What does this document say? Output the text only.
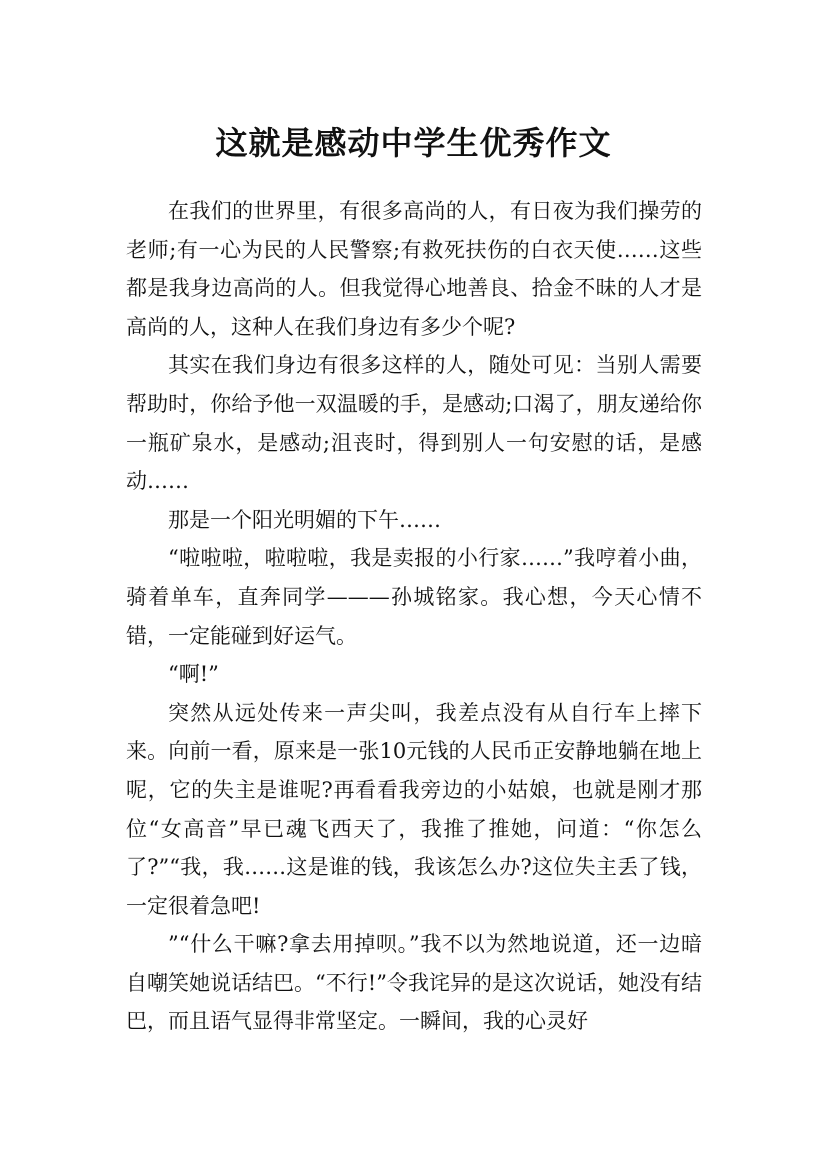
这就是感动中学生优秀作文

在我们的世界里，有很多高尚的人，有日夜为我们操劳的老师;有一心为民的人民警察;有救死扶伤的白衣天使……这些都是我身边高尚的人。但我觉得心地善良、拾金不昧的人才是高尚的人，这种人在我们身边有多少个呢?

其实在我们身边有很多这样的人，随处可见：当别人需要帮助时，你给予他一双温暖的手，是感动;口渴了，朋友递给你一瓶矿泉水，是感动;沮丧时，得到别人一句安慰的话，是感动……

那是一个阳光明媚的下午……

“啦啦啦，啦啦啦，我是卖报的小行家……”我哼着小曲，骑着单车，直奔同学———孙城铭家。我心想，今天心情不错，一定能碰到好运气。

“啊!”

突然从远处传来一声尖叫，我差点没有从自行车上摔下来。向前一看，原来是一张10元钱的人民币正安静地躺在地上呢，它的失主是谁呢?再看看我旁边的小姑娘，也就是刚才那位“女高音”早已魂飞西天了，我推了推她，问道：“你怎么了?”“我，我……这是谁的钱，我该怎么办?这位失主丢了钱，一定很着急吧!

”“什么干嘛?拿去用掉呗。”我不以为然地说道，还一边暗自嘲笑她说话结巴。“不行!”令我诧异的是这次说话，她没有结巴，而且语气显得非常坚定。一瞬间，我的心灵好
